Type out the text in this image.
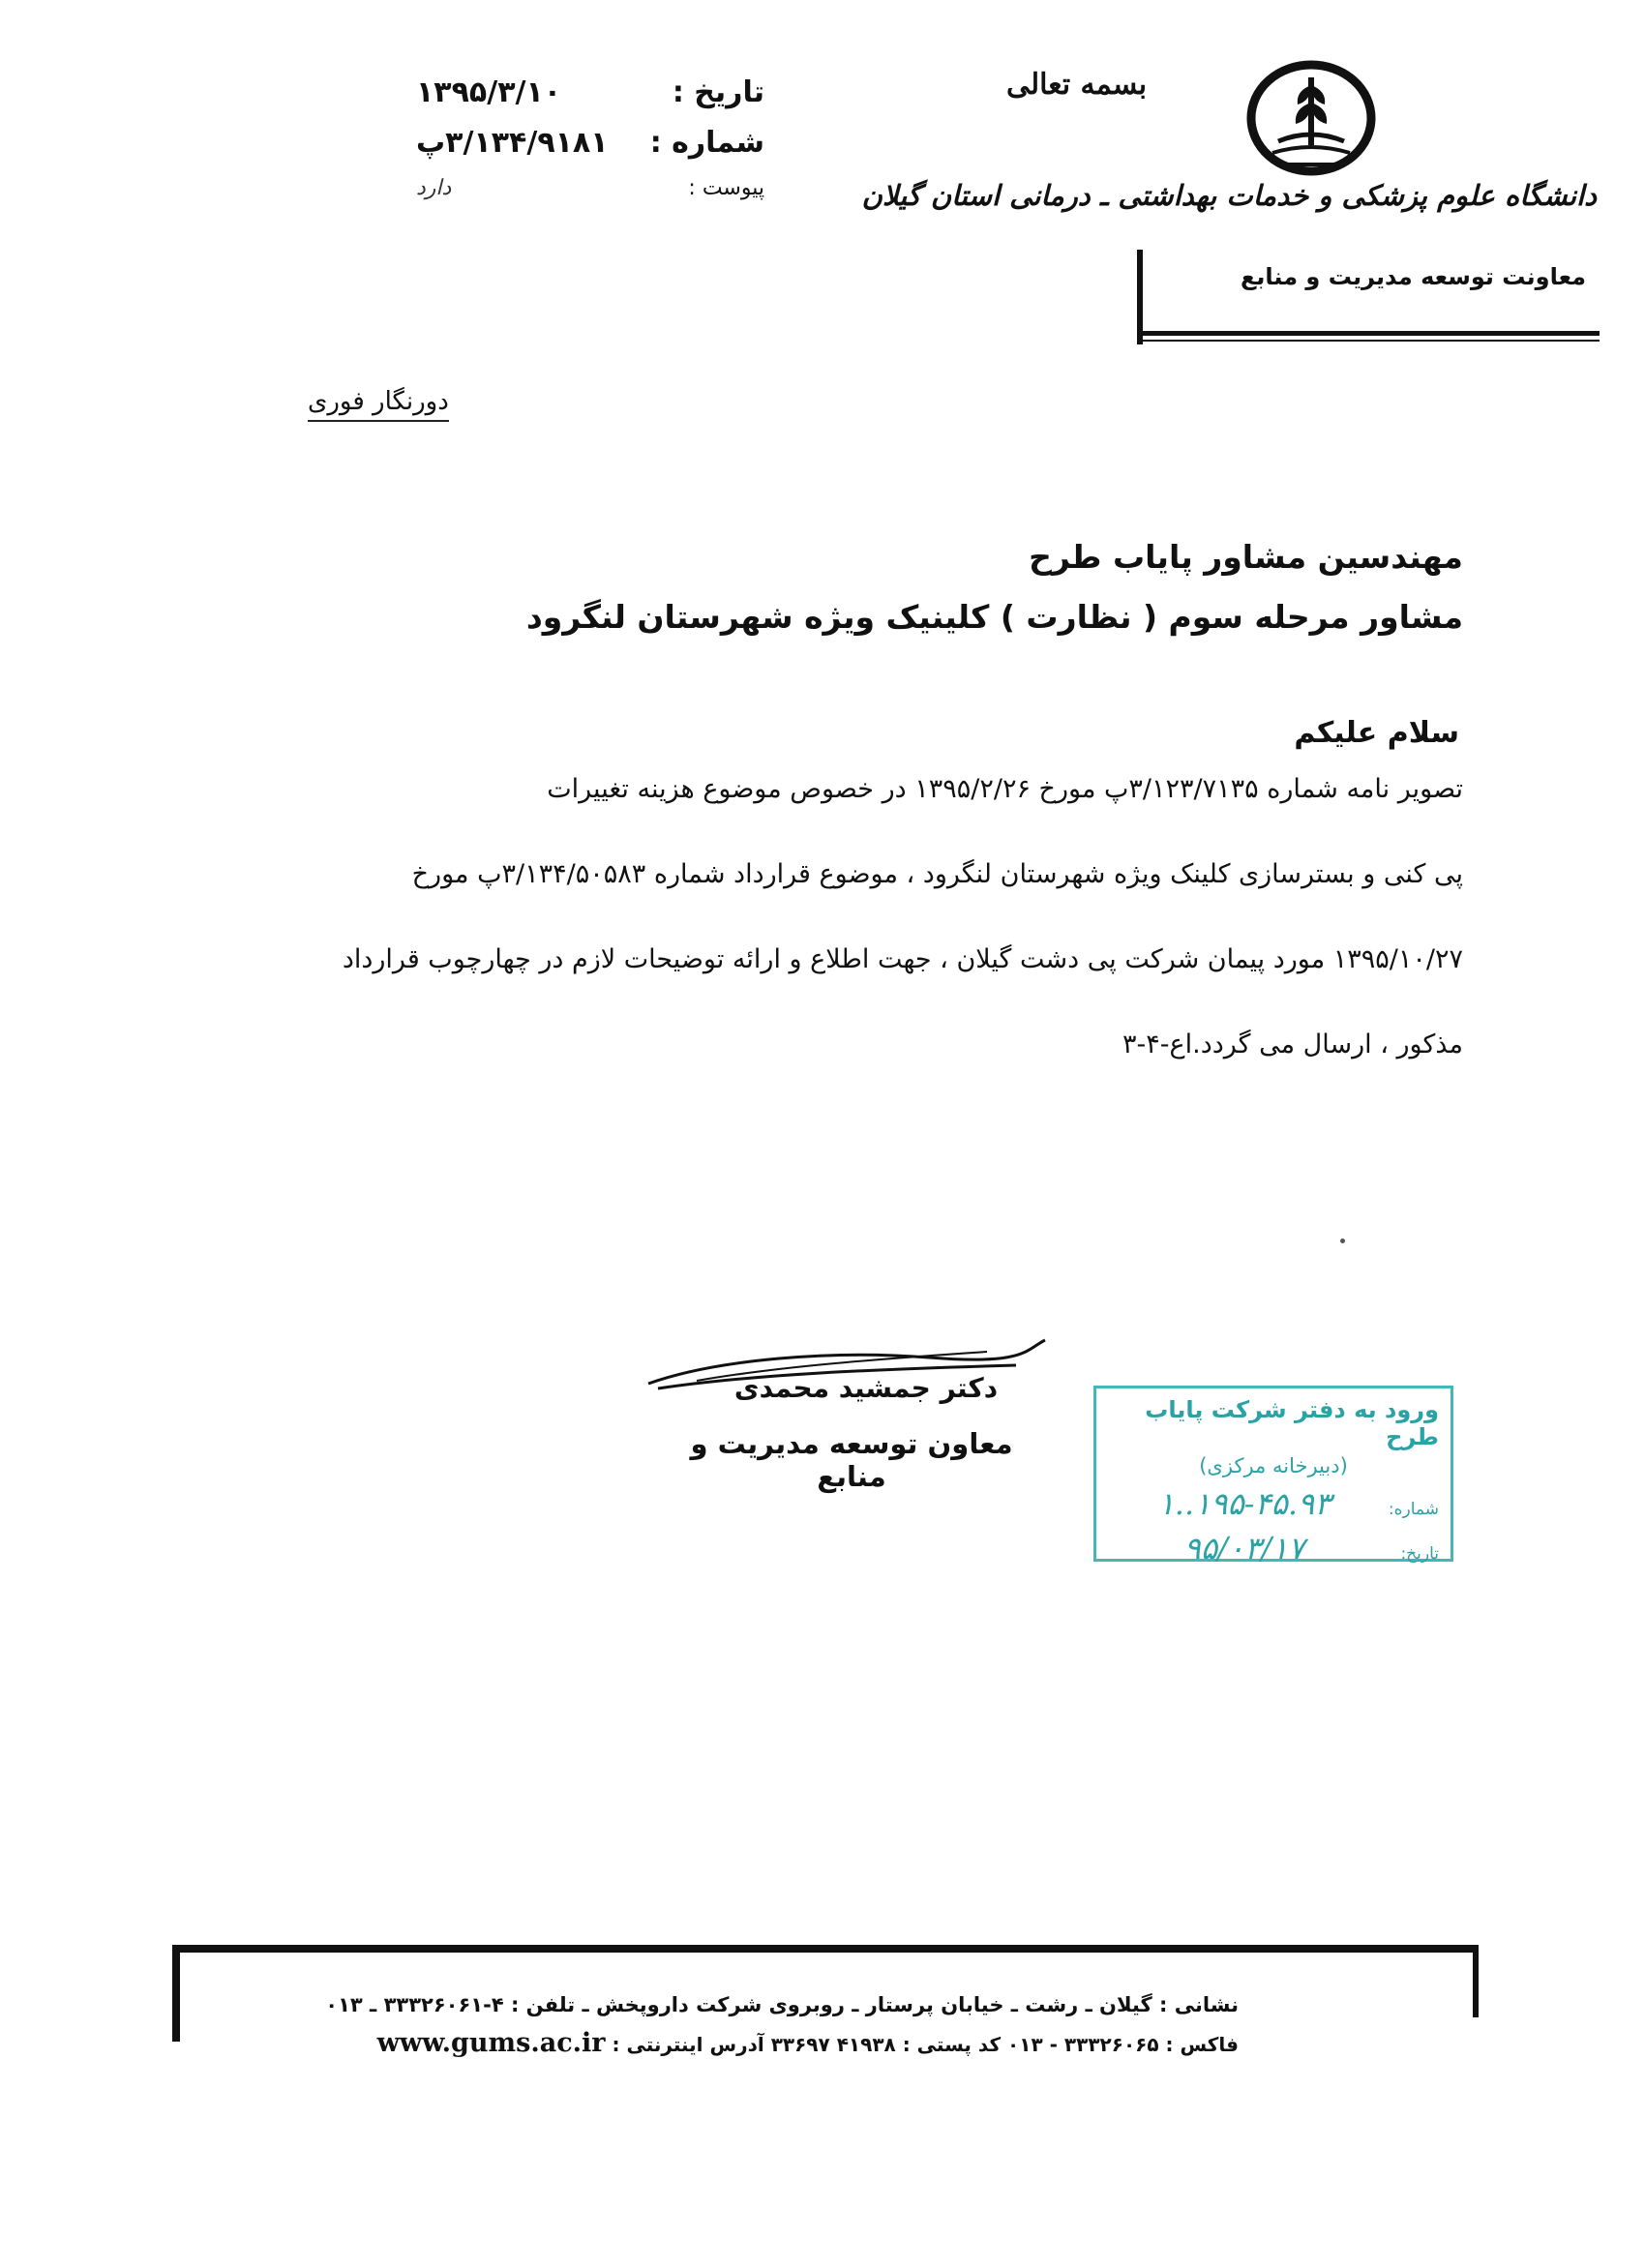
تاریخ :
۱۳۹۵/۳/۱۰
شماره :
۳/۱۳۴/۹۱۸۱پ
پیوست :
دارد
بسمه تعالی
دانشگاه علوم پزشکی و خدمات بهداشتی ـ درمانی استان گیلان
معاونت توسعه مدیریت و منابع
دورنگار فوری
مهندسین مشاور پایاب طرح
مشاور مرحله سوم ( نظارت ) کلینیک ویژه شهرستان لنگرود
سلام علیکم

تصویر نامه شماره ۳/۱۲۳/۷۱۳۵پ مورخ ۱۳۹۵/۲/۲۶ در خصوص موضوع هزینه تغییرات

پی کنی و بسترسازی کلینک ویژه شهرستان لنگرود ، موضوع قرارداد شماره ۳/۱۳۴/۵۰۵۸۳پ مورخ

۱۳۹۵/۱۰/۲۷ مورد پیمان شرکت پی دشت گیلان ، جهت اطلاع و ارائه توضیحات لازم در چهارچوب قرارداد

مذکور ، ارسال می گردد.ا‌ع-۴-۳

دکتر جمشید محمدی
معاون توسعه مدیریت و منابع
ورود به دفتر شرکت پایاب طرح
(دبیرخانه مرکزی)
شماره:
۱..۱۹۵-۴۵.۹۳
تاریخ:
۹۵/۰۳/۱۷
نشانی : گیلان ـ رشت ـ خیابان پرستار ـ روبروی شرکت داروپخش ـ تلفن : ۴-۳۳۳۲۶۰۶۱ ـ ۰۱۳
فاکس : ۳۳۳۲۶۰۶۵ - ۰۱۳ کد پستی : ۴۱۹۳۸ ۳۳۶۹۷ آدرس اینترنتی : www.gums.ac.ir
